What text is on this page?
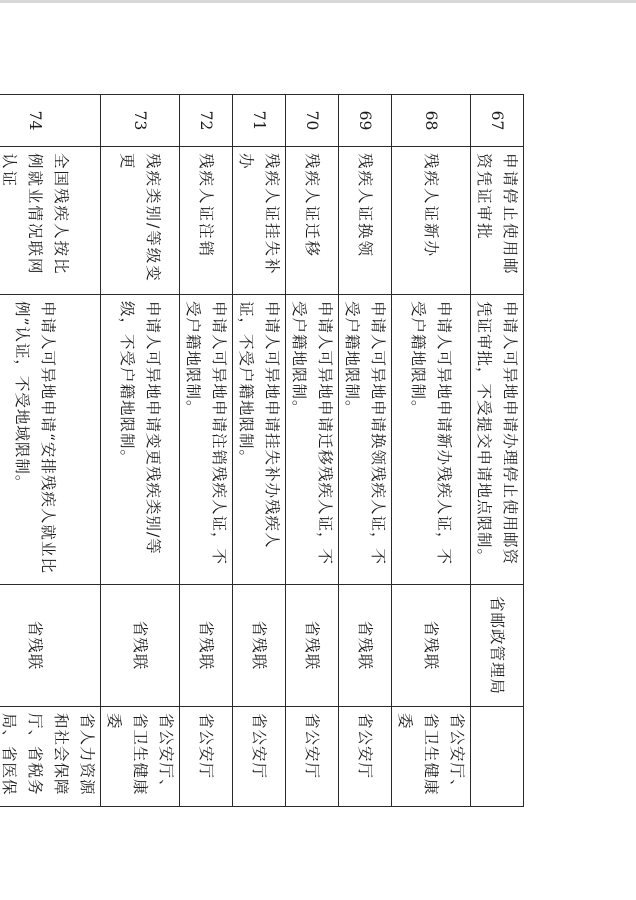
67	申请停止使用邮资凭证审批	申请人可异地申请办理停止使用邮资凭证审批，不受提交申请地点限制。	省邮政管理局	
68	残疾人证新办	申请人可异地申请新办残疾人证，不受户籍地限制。	省残联	省公安厅、省卫生健康委
69	残疾人证换领	申请人可异地申请换领残疾人证，不受户籍地限制。	省残联	省公安厅
70	残疾人证迁移	申请人可异地申请迁移残疾人证，不受户籍地限制。	省残联	省公安厅
71	残疾人证挂失补办	申请人可异地申请挂失补办残疾人证，不受户籍地限制。	省残联	省公安厅
72	残疾人证注销	申请人可异地申请注销残疾人证，不受户籍地限制。	省残联	省公安厅
73	残疾类别/等级变更	申请人可异地申请变更残疾类别/等级，不受户籍地限制。	省残联	省公安厅、省卫生健康委
74	全国残疾人按比例就业情况联网认证	申请人可异地申请“安排残疾人就业比例”认证，不受地域限制。	省残联	省人力资源和社会保障厅、省税务局、省医保
